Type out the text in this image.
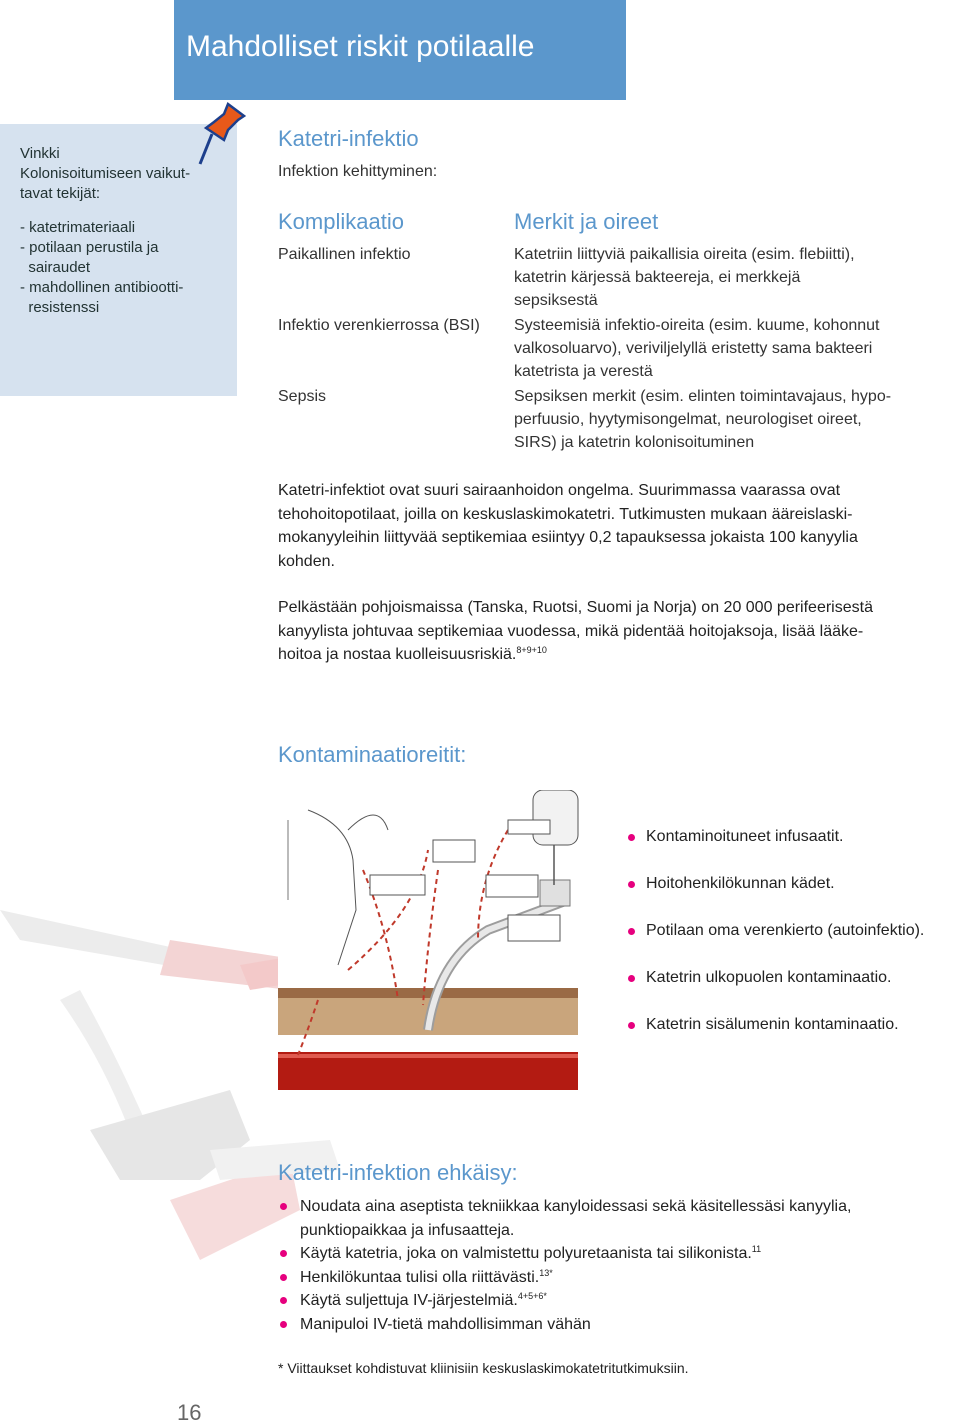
Mahdolliset riskit potilaalle
Vinkki
Kolonisoitumiseen vaikut-
tavat tekijät:
- katetrimateriaali
- potilaan perustila ja
sairaudet
- mahdollinen antibiootti-
resistenssi
Katetri-infektio
Infektion kehittyminen:
Komplikaatio	Merkit ja oireet
Paikallinen infektio	Katetriin liittyviä paikallisia oireita (esim. flebiitti),
katetrin kärjessä bakteereja, ei merkkejä
sepsiksestä
Infektio verenkierrossa (BSI) Systeemisiä infektio-oireita (esim. kuume, kohonnut
valkosoluarvo), veriviljelyllä eristetty sama bakteeri
katetrista ja verestä
Sepsis	Sepsiksen merkit (esim. elinten toimintavajaus, hypo-
perfuusio, hyytymisongelmat, neurologiset oireet,
SIRS) ja katetrin kolonisoituminen
Katetri-infektiot ovat suuri sairaanhoidon ongelma. Suurimmassa vaarassa ovat
tehohoitopotilaat, joilla on keskuslaskimokatetri. Tutkimusten mukaan ääreislaski-
mokanyyleihin liittyvää septikemiaa esiintyy 0,2 tapauksessa jokaista 100 kanyylia
kohden.
Pelkästään pohjoismaissa (Tanska, Ruotsi, Suomi ja Norja) on 20 000 perifeerisestä
kanyylista johtuvaa septikemiaa vuodessa, mikä pidentää hoitojaksoja, lisää lääke-
hoitoa ja nostaa kuolleisuusriskiä.$^{8+9+10}$
Kontaminaatioreitit:
Kontaminoituneet infusaatit.
Hoitohenkilökunnan kädet.
Potilaan oma verenkierto (autoinfektio).
Katetrin ulkopuolen kontaminaatio.
Katetrin sisälumenin kontaminaatio.
Katetri-infektion ehkäisy:
Noudata aina aseptista tekniikkaa kanyloidessasi sekä käsitellessäsi kanyylia,
punktiopaikkaa ja infusaatteja.
Käytä katetria, joka on valmistettu polyuretaanista tai silikonista.$^{11}$
Henkilökuntaa tulisi olla riittävästi.$^{13*}$
Käytä suljettuja IV-järjestelmiä.$^{4+5+6*}$
Manipuloi IV-tietä mahdollisimman vähän
* Viittaukset kohdistuvat kliinisiin keskuslaskimokatetritutkimuksiin.
16
